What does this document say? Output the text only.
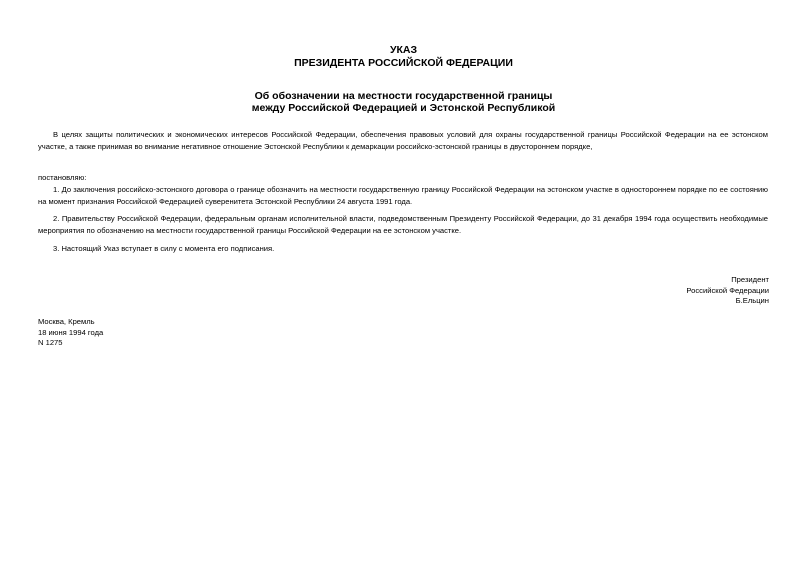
УКАЗ
ПРЕЗИДЕНТА РОССИЙСКОЙ ФЕДЕРАЦИИ
Об обозначении на местности государственной границы
между Российской Федерацией и Эстонской Республикой
В целях защиты политических и экономических интересов Российской Федерации, обеспечения правовых условий для охраны государственной границы Российской Федерации на ее эстонском участке, а также принимая во внимание негативное отношение Эстонской Республики к демаркации российско-эстонской границы в двустороннем порядке,
постановляю:
1. До заключения российско-эстонского договора о границе обозначить на местности государственную границу Российской Федерации на эстонском участке в одностороннем порядке по ее состоянию на момент признания Российской Федерацией суверенитета Эстонской Республики 24 августа 1991 года.
2. Правительству Российской Федерации, федеральным органам исполнительной власти, подведомственным Президенту Российской Федерации, до 31 декабря 1994 года осуществить необходимые мероприятия по обозначению на местности государственной границы Российской Федерации на ее эстонском участке.
3. Настоящий Указ вступает в силу с момента его подписания.
Президент
Российской Федерации
Б.Ельцин
Москва, Кремль
18 июня 1994 года
N 1275
